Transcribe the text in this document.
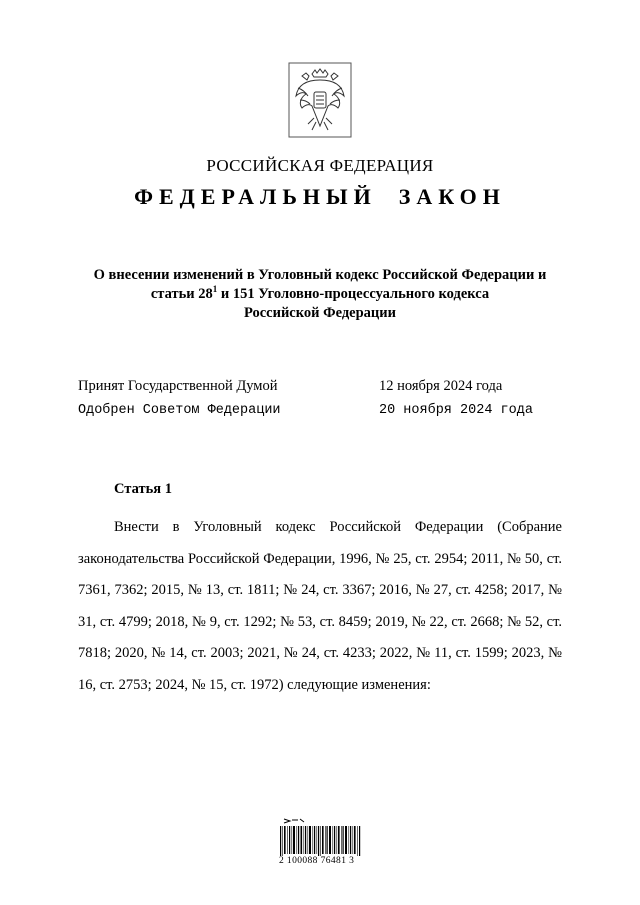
РОССИЙСКАЯ ФЕДЕРАЦИЯ
ФЕДЕРАЛЬНЫЙ ЗАКОН
О внесении изменений в Уголовный кодекс Российской Федерации и
статьи $28^1$ и 151 Уголовно-процессуального кодекса
Российской Федерации
Принят Государственной Думой	12 ноября 2024 года
Одобрен Советом Федерации	20 ноября 2024 года
Статья 1
Внести в Уголовный кодекс Российской Федерации (Собрание законодательства Российской Федерации, 1996, № 25, ст. 2954; 2011, № 50, ст. 7361, 7362; 2015, № 13, ст. 1811; № 24, ст. 3367; 2016, № 27, ст. 4258; 2017, № 31, ст. 4799; 2018, № 9, ст. 1292; № 53, ст. 8459; 2019, № 22, ст. 2668; № 52, ст. 7818; 2020, № 14, ст. 2003; 2021, № 24, ст. 4233; 2022, № 11, ст. 1599; 2023, № 16, ст. 2753; 2024, № 15, ст. 1972) следующие изменения:
2 100088 76481 3
